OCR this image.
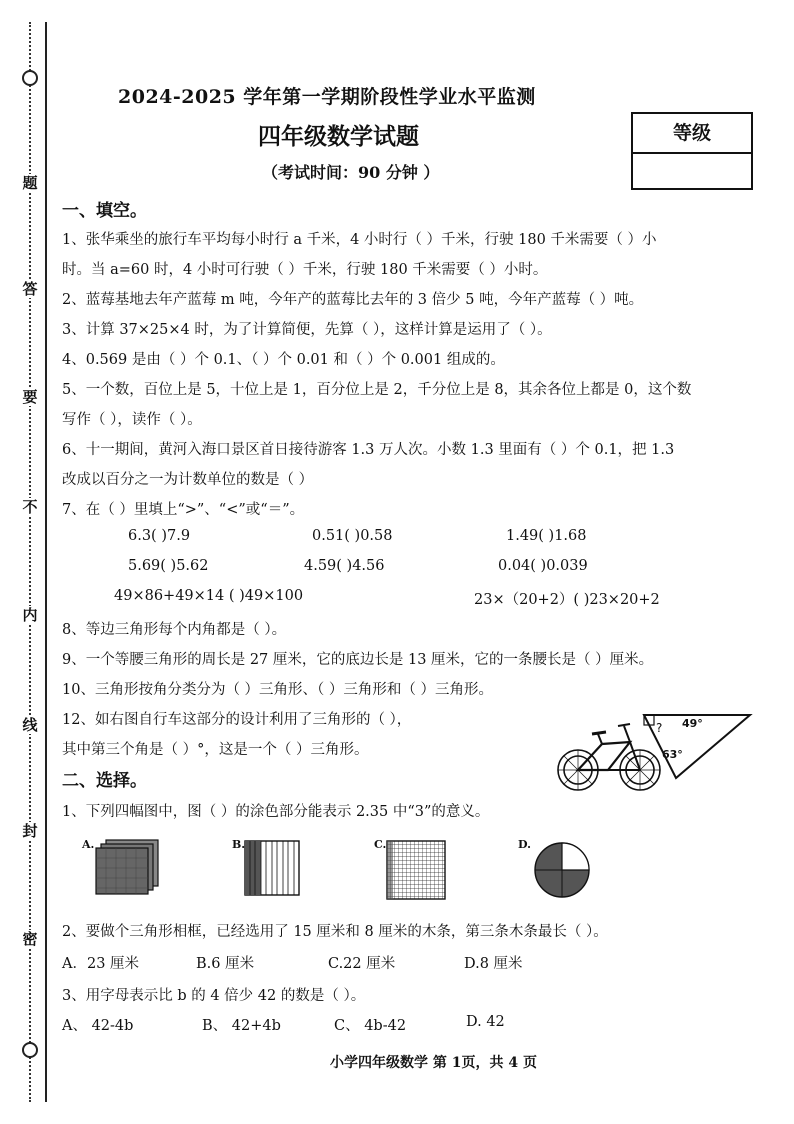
题
答
要
不
内
线
封
密
2024-2025 学年第一学期阶段性学业水平监测
四年级数学试题
（考试时间：90 分钟 ）
等级
一、填空。
1、张华乘坐的旅行车平均每小时行 a 千米，4 小时行（ ）千米，行驶 180 千米需要（ ）小
时。当 a=60 时，4 小时可行驶（ ）千米，行驶 180 千米需要（ ）小时。
2、蓝莓基地去年产蓝莓 m 吨，今年产的蓝莓比去年的 3 倍少 5 吨，今年产蓝莓（ ）吨。
3、计算 37×25×4 时，为了计算简便，先算（ ），这样计算是运用了（ ）。
4、0.569 是由（ ）个 0.1、（ ）个 0.01 和（ ）个 0.001 组成的。
5、一个数，百位上是 5，十位上是 1，百分位上是 2，千分位上是 8，其余各位上都是 0，这个数
写作（ ），读作（ ）。
6、十一期间，黄河入海口景区首日接待游客 1.3 万人次。小数 1.3 里面有（ ）个 0.1，把 1.3
改成以百分之一为计数单位的数是（ ）
7、在（ ）里填上“>”、“<”或“＝”。
6.3( )7.9	0.51( )0.58	1.49( )1.68
5.69( )5.62	4.59( )4.56	0.04( )0.039
49×86+49×14 ( )49×100	23×（20+2）( )23×20+2
8、等边三角形每个内角都是（ ）。
9、一个等腰三角形的周长是 27 厘米，它的底边长是 13 厘米，它的一条腰长是（ ）厘米。
10、三角形按角分类分为（ ）三角形、（ ）三角形和（ ）三角形。
12、如右图自行车这部分的设计利用了三角形的（ ），
其中第三个角是（ ）°，这是一个（ ）三角形。
? 49°
63°
二、选择。
1、下列四幅图中，图（ ）的涂色部分能表示 2.35 中“3”的意义。
A.	B.	C.	D.
2、要做个三角形相框，已经选用了 15 厘米和 8 厘米的木条，第三条木条最长（ ）。
A．23 厘米	B.6 厘米	C.22 厘米	D.8 厘米
3、用字母表示比 b 的 4 倍少 42 的数是（ ）。
A、 42-4b	B、 42+4b	C、 4b-42	D. 42
小学四年级数学 第 1页，共 4 页
